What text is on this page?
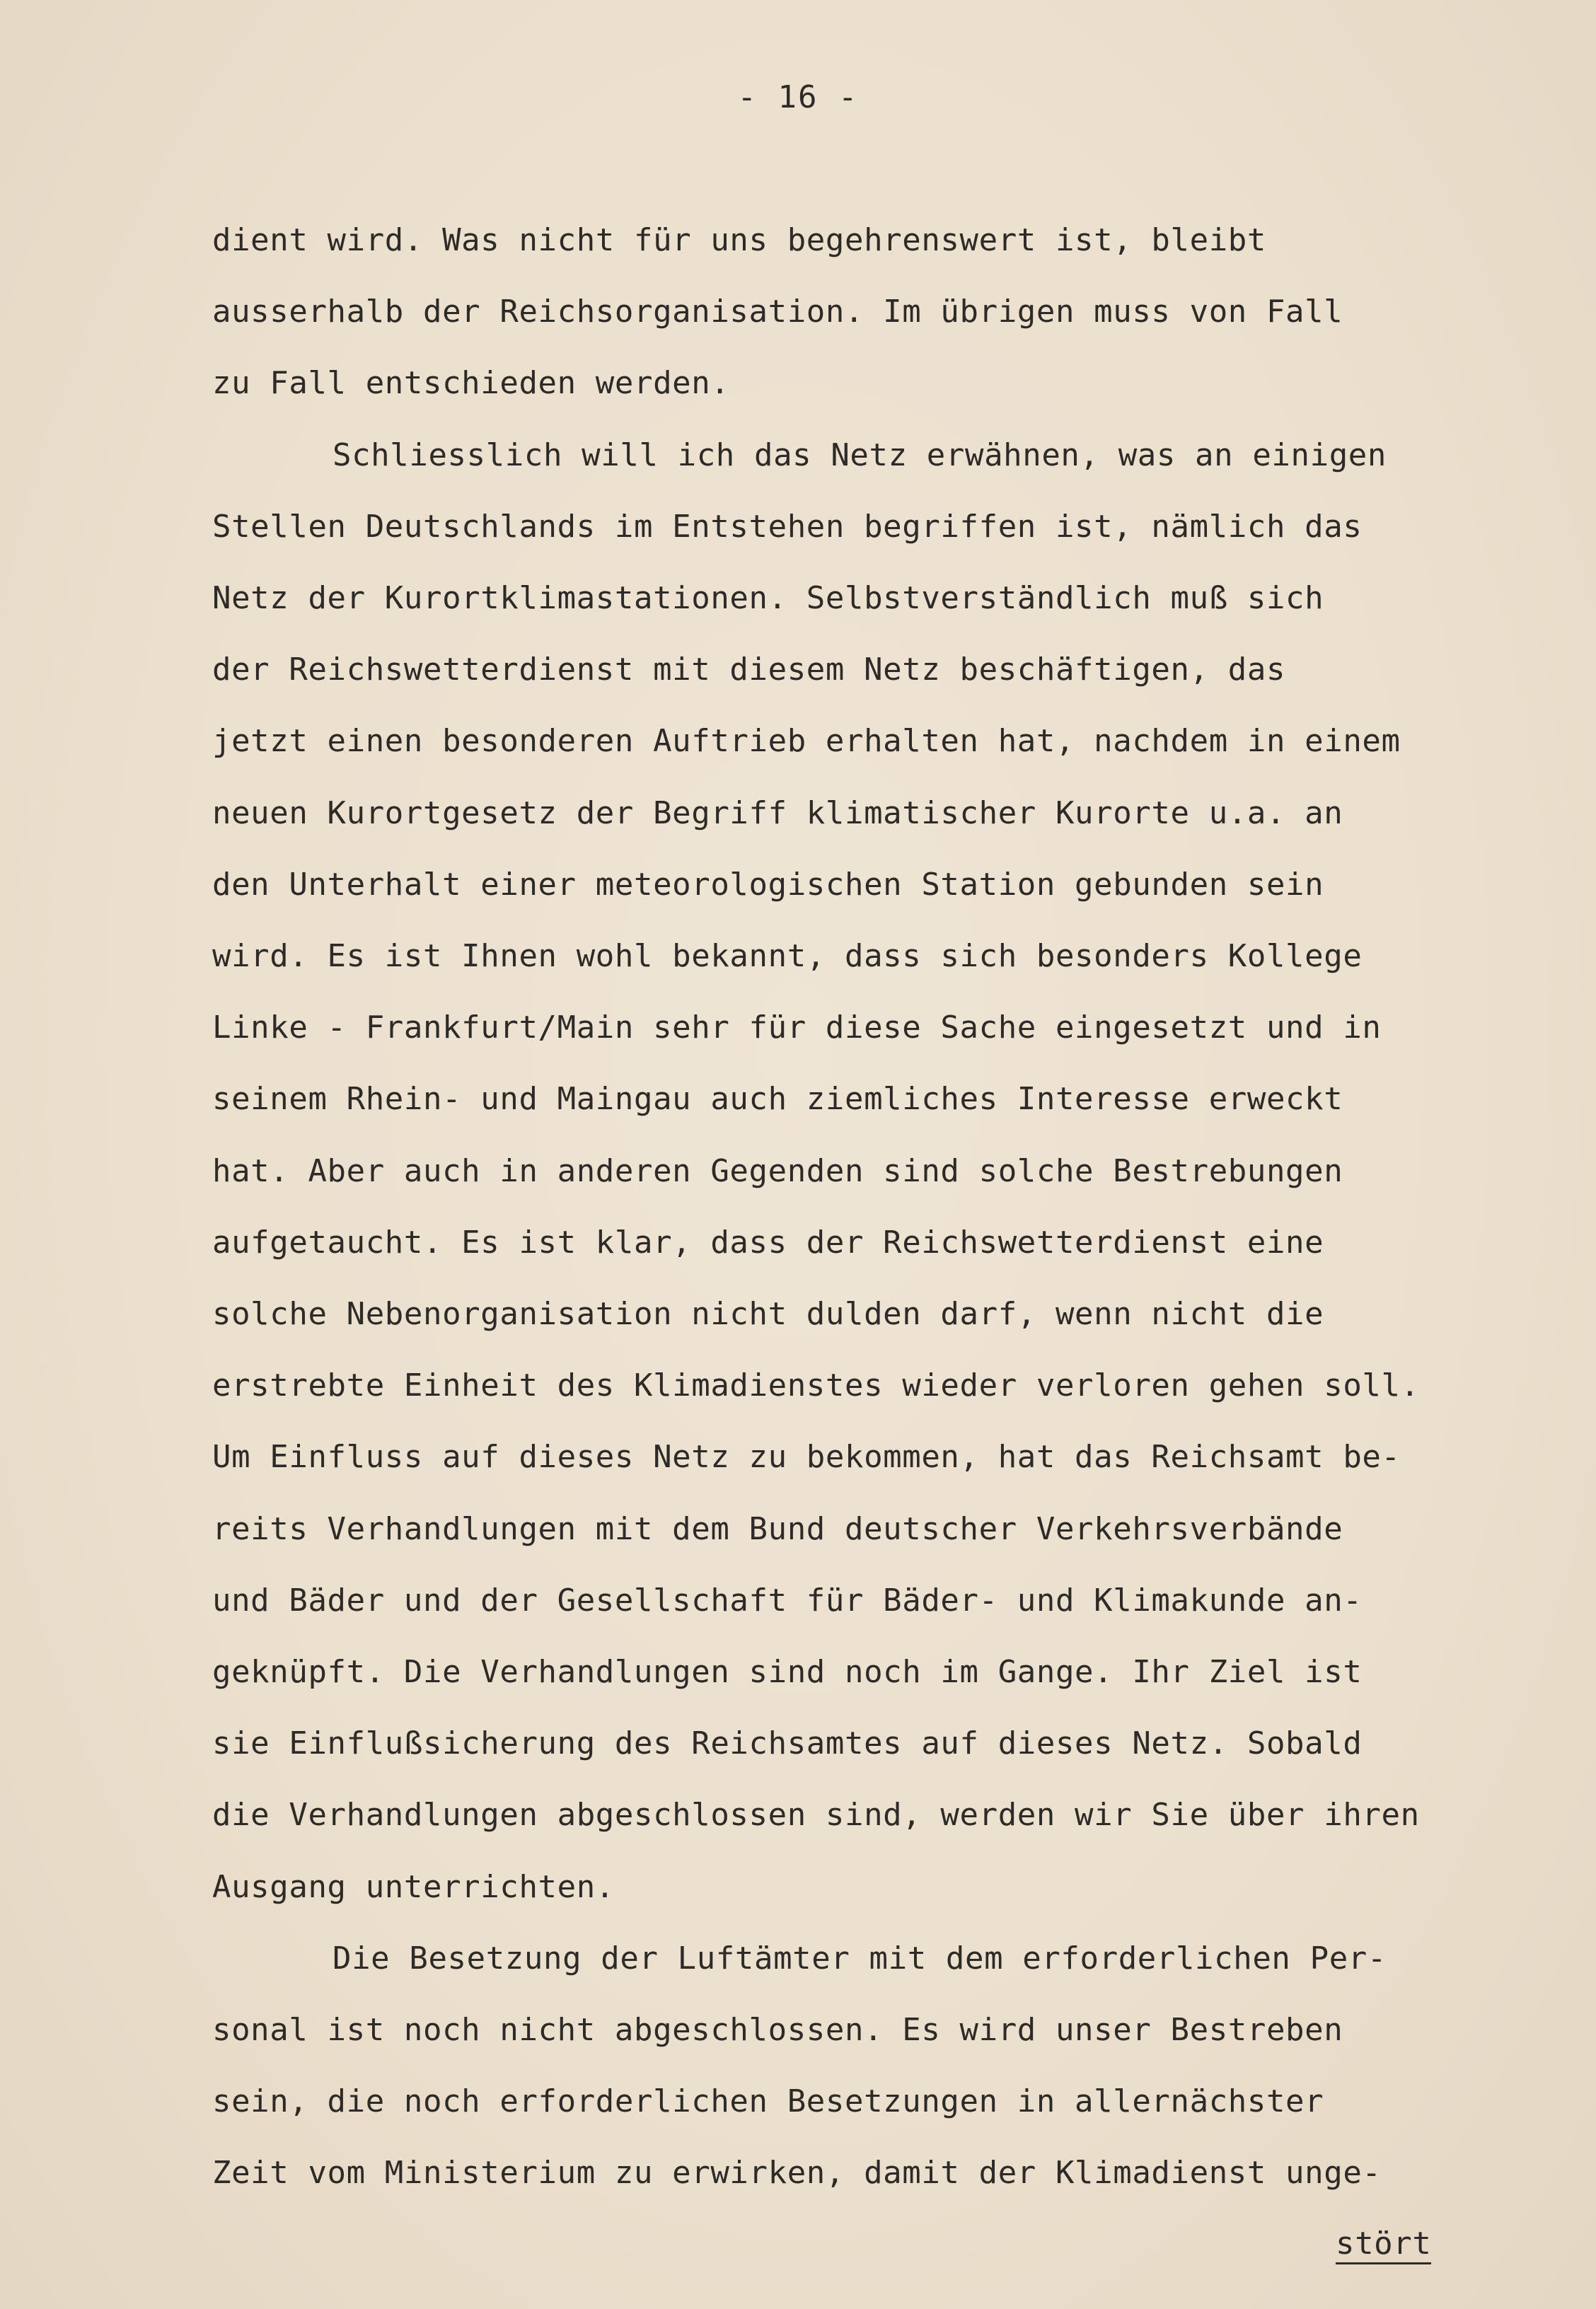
- 16 -
dient wird. Was nicht für uns begehrenswert ist, bleibt
ausserhalb der Reichsorganisation. Im übrigen muss von Fall
zu Fall entschieden werden.
Schliesslich will ich das Netz erwähnen, was an einigen
Stellen Deutschlands im Entstehen begriffen ist, nämlich das
Netz der Kurortklimastationen. Selbstverständlich muß sich
der Reichswetterdienst mit diesem Netz beschäftigen, das
jetzt einen besonderen Auftrieb erhalten hat, nachdem in einem
neuen Kurortgesetz der Begriff klimatischer Kurorte u.a. an
den Unterhalt einer meteorologischen Station gebunden sein
wird. Es ist Ihnen wohl bekannt, dass sich besonders Kollege
Linke - Frankfurt/Main sehr für diese Sache eingesetzt und in
seinem Rhein- und Maingau auch ziemliches Interesse erweckt
hat. Aber auch in anderen Gegenden sind solche Bestrebungen
aufgetaucht. Es ist klar, dass der Reichswetterdienst eine
solche Nebenorganisation nicht dulden darf, wenn nicht die
erstrebte Einheit des Klimadienstes wieder verloren gehen soll.
Um Einfluss auf dieses Netz zu bekommen, hat das Reichsamt be-
reits Verhandlungen mit dem Bund deutscher Verkehrsverbände
und Bäder und der Gesellschaft für Bäder- und Klimakunde an-
geknüpft. Die Verhandlungen sind noch im Gange. Ihr Ziel ist
sie Einflußsicherung des Reichsamtes auf dieses Netz. Sobald
die Verhandlungen abgeschlossen sind, werden wir Sie über ihren
Ausgang unterrichten.
Die Besetzung der Luftämter mit dem erforderlichen Per-
sonal ist noch nicht abgeschlossen. Es wird unser Bestreben
sein, die noch erforderlichen Besetzungen in allernächster
Zeit vom Ministerium zu erwirken, damit der Klimadienst unge-
stört
